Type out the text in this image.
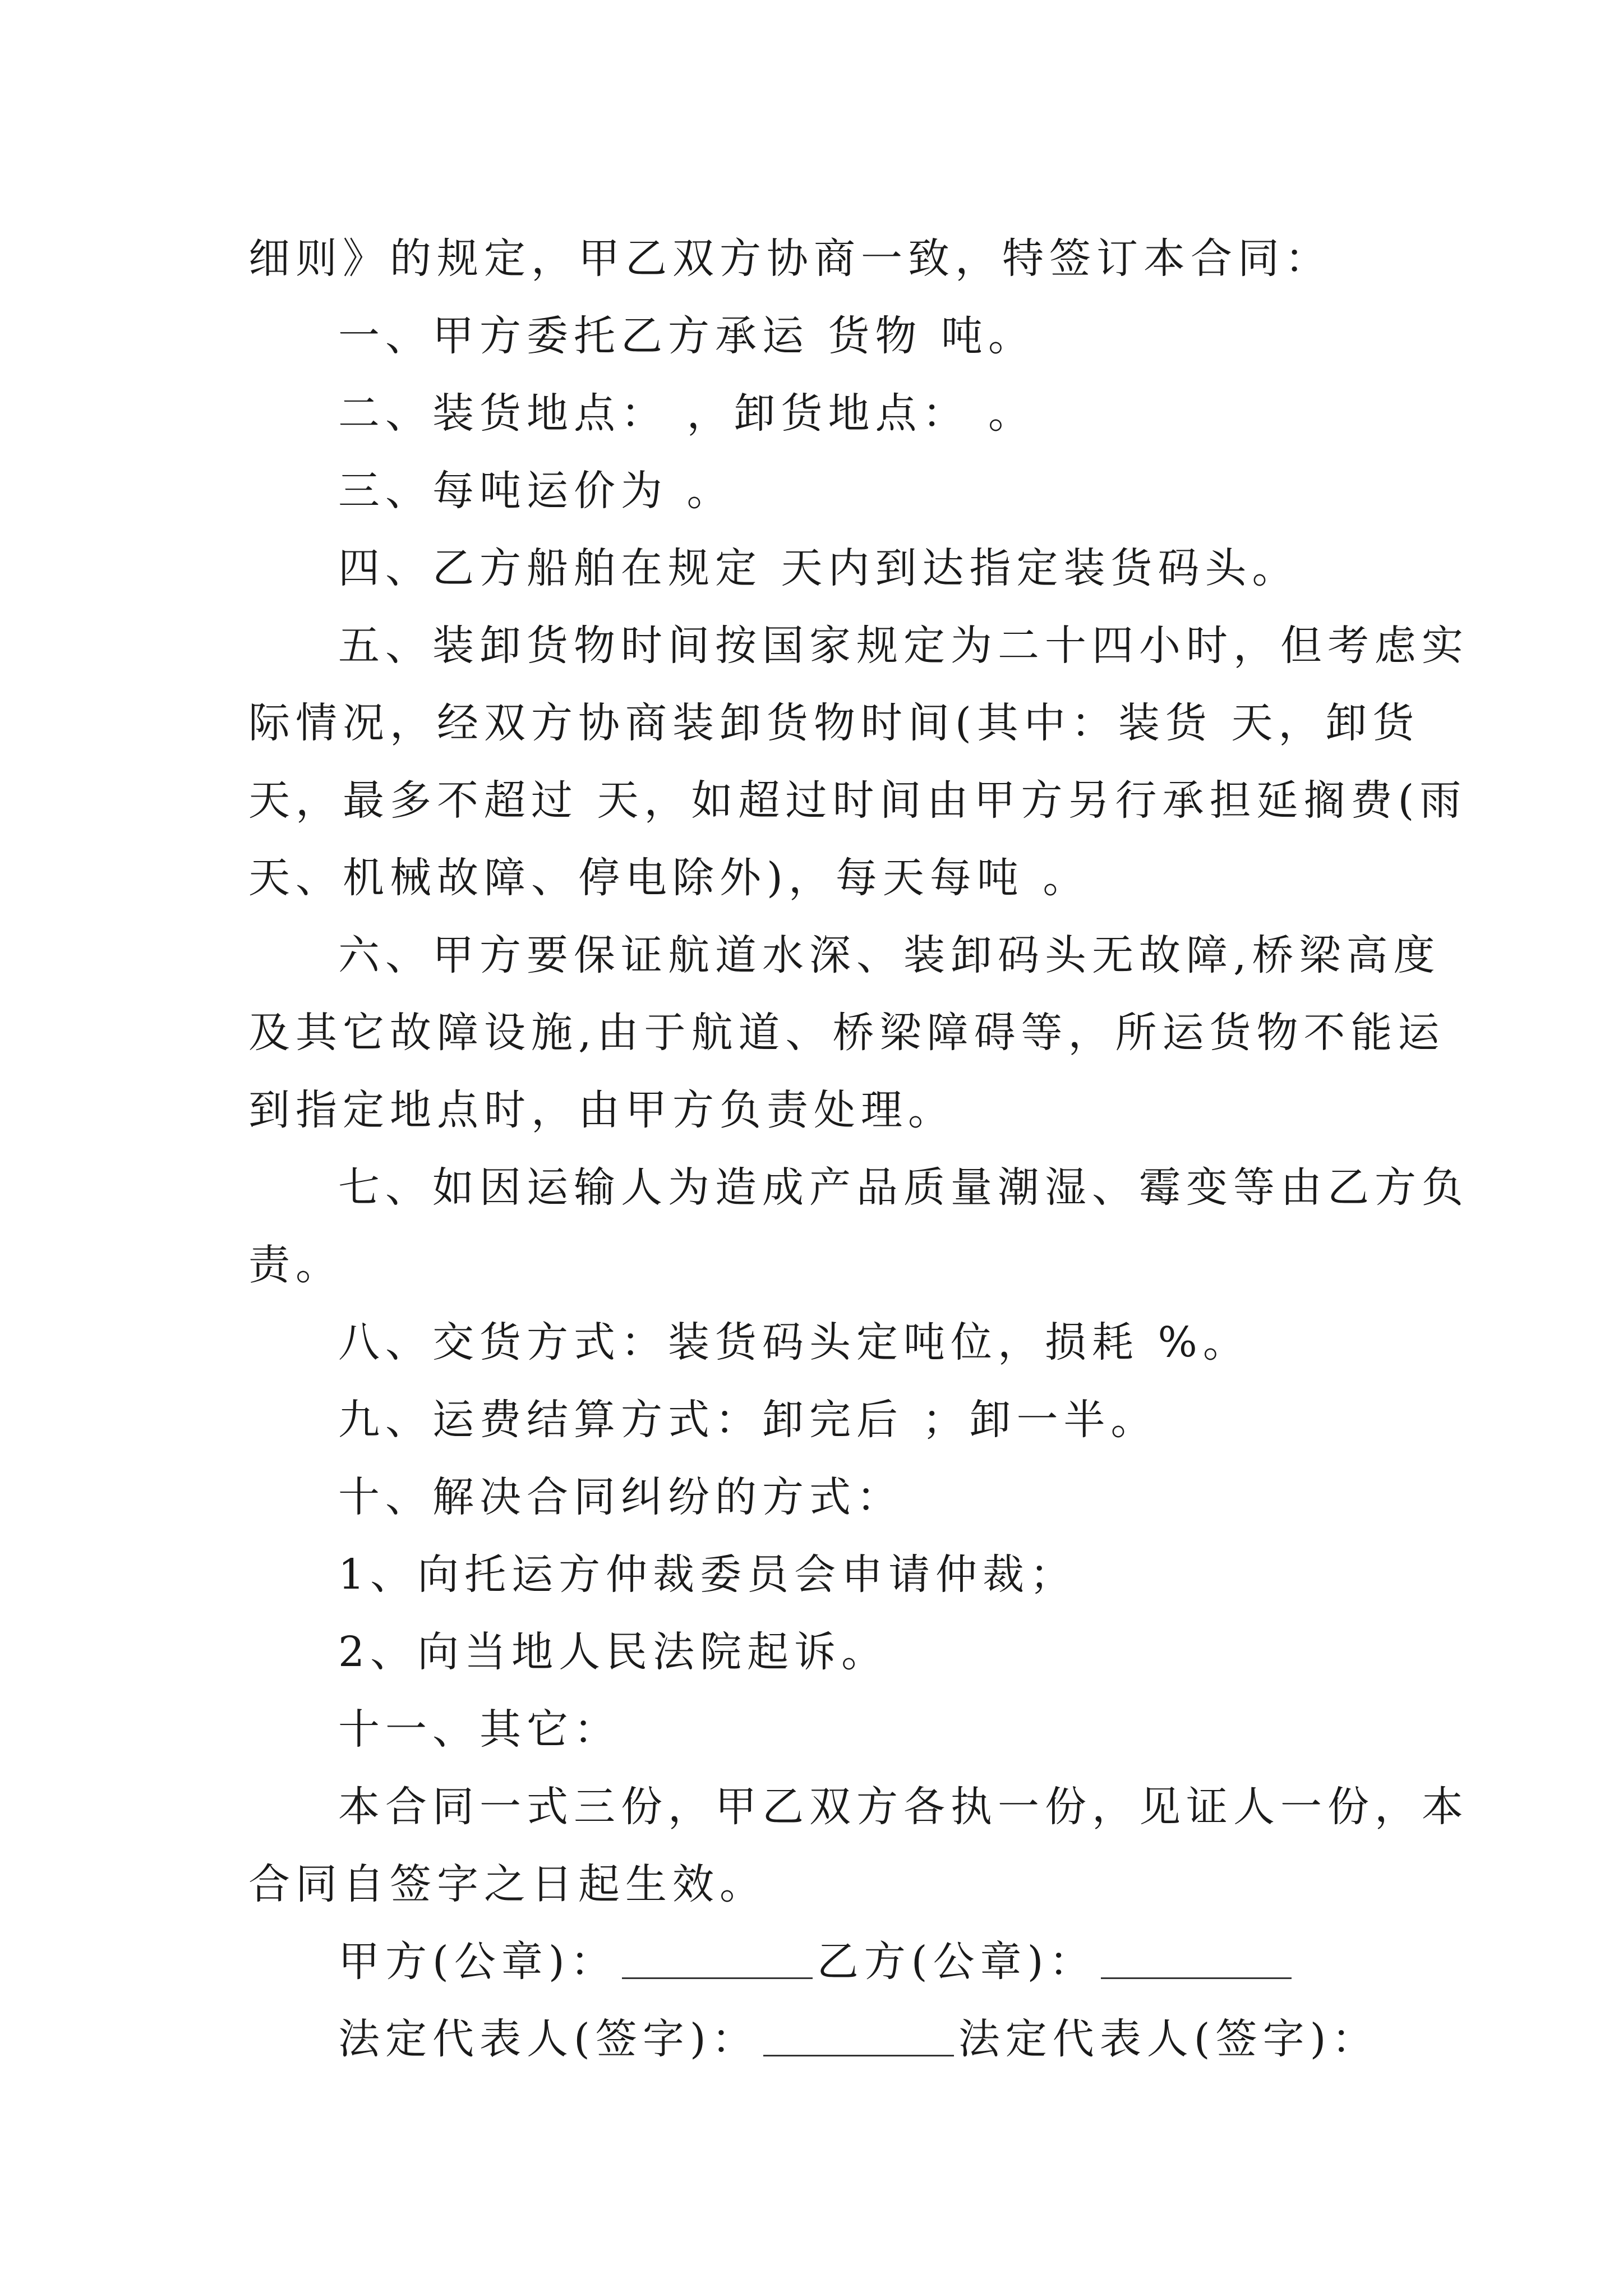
细则》的规定，甲乙双方协商一致，特签订本合同：
一、甲方委托乙方承运 货物 吨。
二、装货地点： ，卸货地点： 。
三、每吨运价为 。
四、乙方船舶在规定 天内到达指定装货码头。
五、装卸货物时间按国家规定为二十四小时，但考虑实
际情况，经双方协商装卸货物时间(其中：装货 天，卸货
天，最多不超过 天，如超过时间由甲方另行承担延搁费(雨
天、机械故障、停电除外)，每天每吨 。
六、甲方要保证航道水深、装卸码头无故障,桥梁高度
及其它故障设施,由于航道、桥梁障碍等，所运货物不能运
到指定地点时，由甲方负责处理。
七、如因运输人为造成产品质量潮湿、霉变等由乙方负
责。
八、交货方式：装货码头定吨位，损耗 %。
九、运费结算方式：卸完后 ；卸一半。
十、解决合同纠纷的方式：
1、向托运方仲裁委员会申请仲裁；
2、向当地人民法院起诉。
十一、其它：
本合同一式三份，甲乙双方各执一份，见证人一份，本
合同自签字之日起生效。
甲方(公章)：	乙方(公章)：
法定代表人(签字)：	法定代表人(签字)：
